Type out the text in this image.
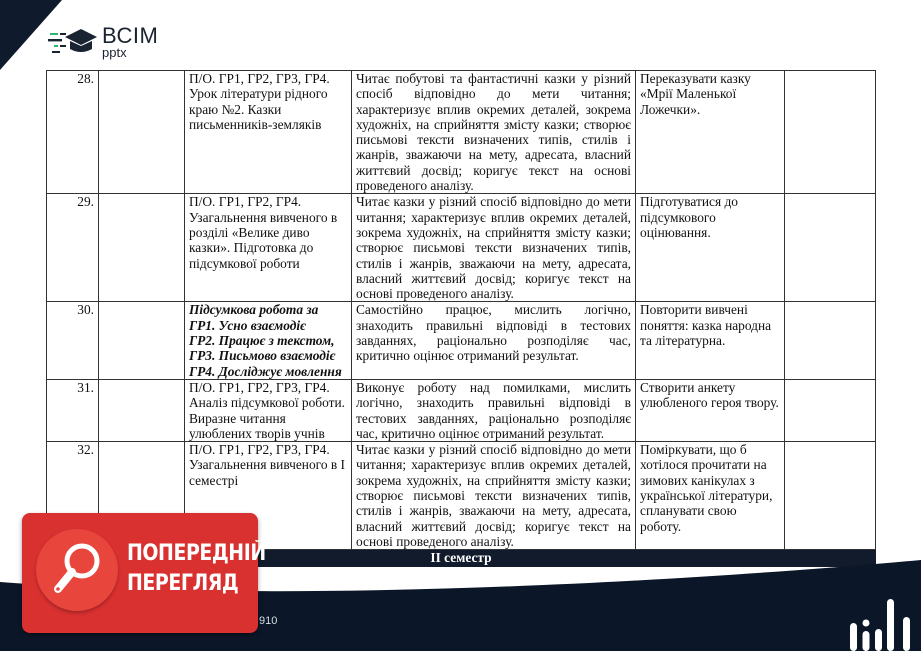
ВСІМ
pptx
28.		П/О. ГР1, ГР2, ГР3, ГР4. Урок літератури рідного краю №2. Казки письменників-земляків	Читає побутові та фантастичні казки у різний спосіб відповідно до мети читання; характеризує вплив окремих деталей, зокрема художніх, на сприйняття змісту казки; створює письмові тексти визначених типів, стилів і жанрів, зважаючи на мету, адресата, власний життєвий досвід; коригує текст на основі проведеного аналізу.	Переказувати казку «Мрії Маленької Ложечки».	
29.		П/О. ГР1, ГР2, ГР4. Узагальнення вивченого в розділі «Велике диво казки». Підготовка до підсумкової роботи	Читає казки у різний спосіб відповідно до мети читання; характеризує вплив окремих деталей, зокрема художніх, на сприйняття змісту казки; створює письмові тексти визначених типів, стилів і жанрів, зважаючи на мету, адресата, власний життєвий досвід; коригує текст на основі проведеного аналізу.	Підготуватися до підсумкового оцінювання.	
30.		Підсумкова робота за
ГР1. Усно взаємодіє
ГР2. Працює з текстом,
ГР3. Письмово взаємодіє
ГР4. Досліджує мовлення	Самостійно працює, мислить логічно, знаходить правильні відповіді в тестових завданнях, раціонально розподіляє час, критично оцінює отриманий результат.	Повторити вивчені поняття: казка народна та літературна.	
31.		П/О. ГР1, ГР2, ГР3, ГР4. Аналіз підсумкової роботи. Виразне читання улюблених творів учнів	Виконує роботу над помилками, мислить логічно, знаходить правильні відповіді в тестових завданнях, раціонально розподіляє час, критично оцінює отриманий результат.	Створити анкету улюбленого героя твору.	
32.		П/О. ГР1, ГР2, ГР3, ГР4. Узагальнення вивченого в І семестрі	Читає казки у різний спосіб відповідно до мети читання; характеризує вплив окремих деталей, зокрема художніх, на сприйняття змісту казки; створює письмові тексти визначених типів, стилів і жанрів, зважаючи на мету, адресата, власний життєвий досвід; коригує текст на основі проведеного аналізу.	Поміркувати, що б хотілося прочитати на зимових канікулах з української літератури, спланувати свою роботу.	
ІІ семестр					
910
ПОПЕРЕДНІЙ
ПЕРЕГЛЯД
